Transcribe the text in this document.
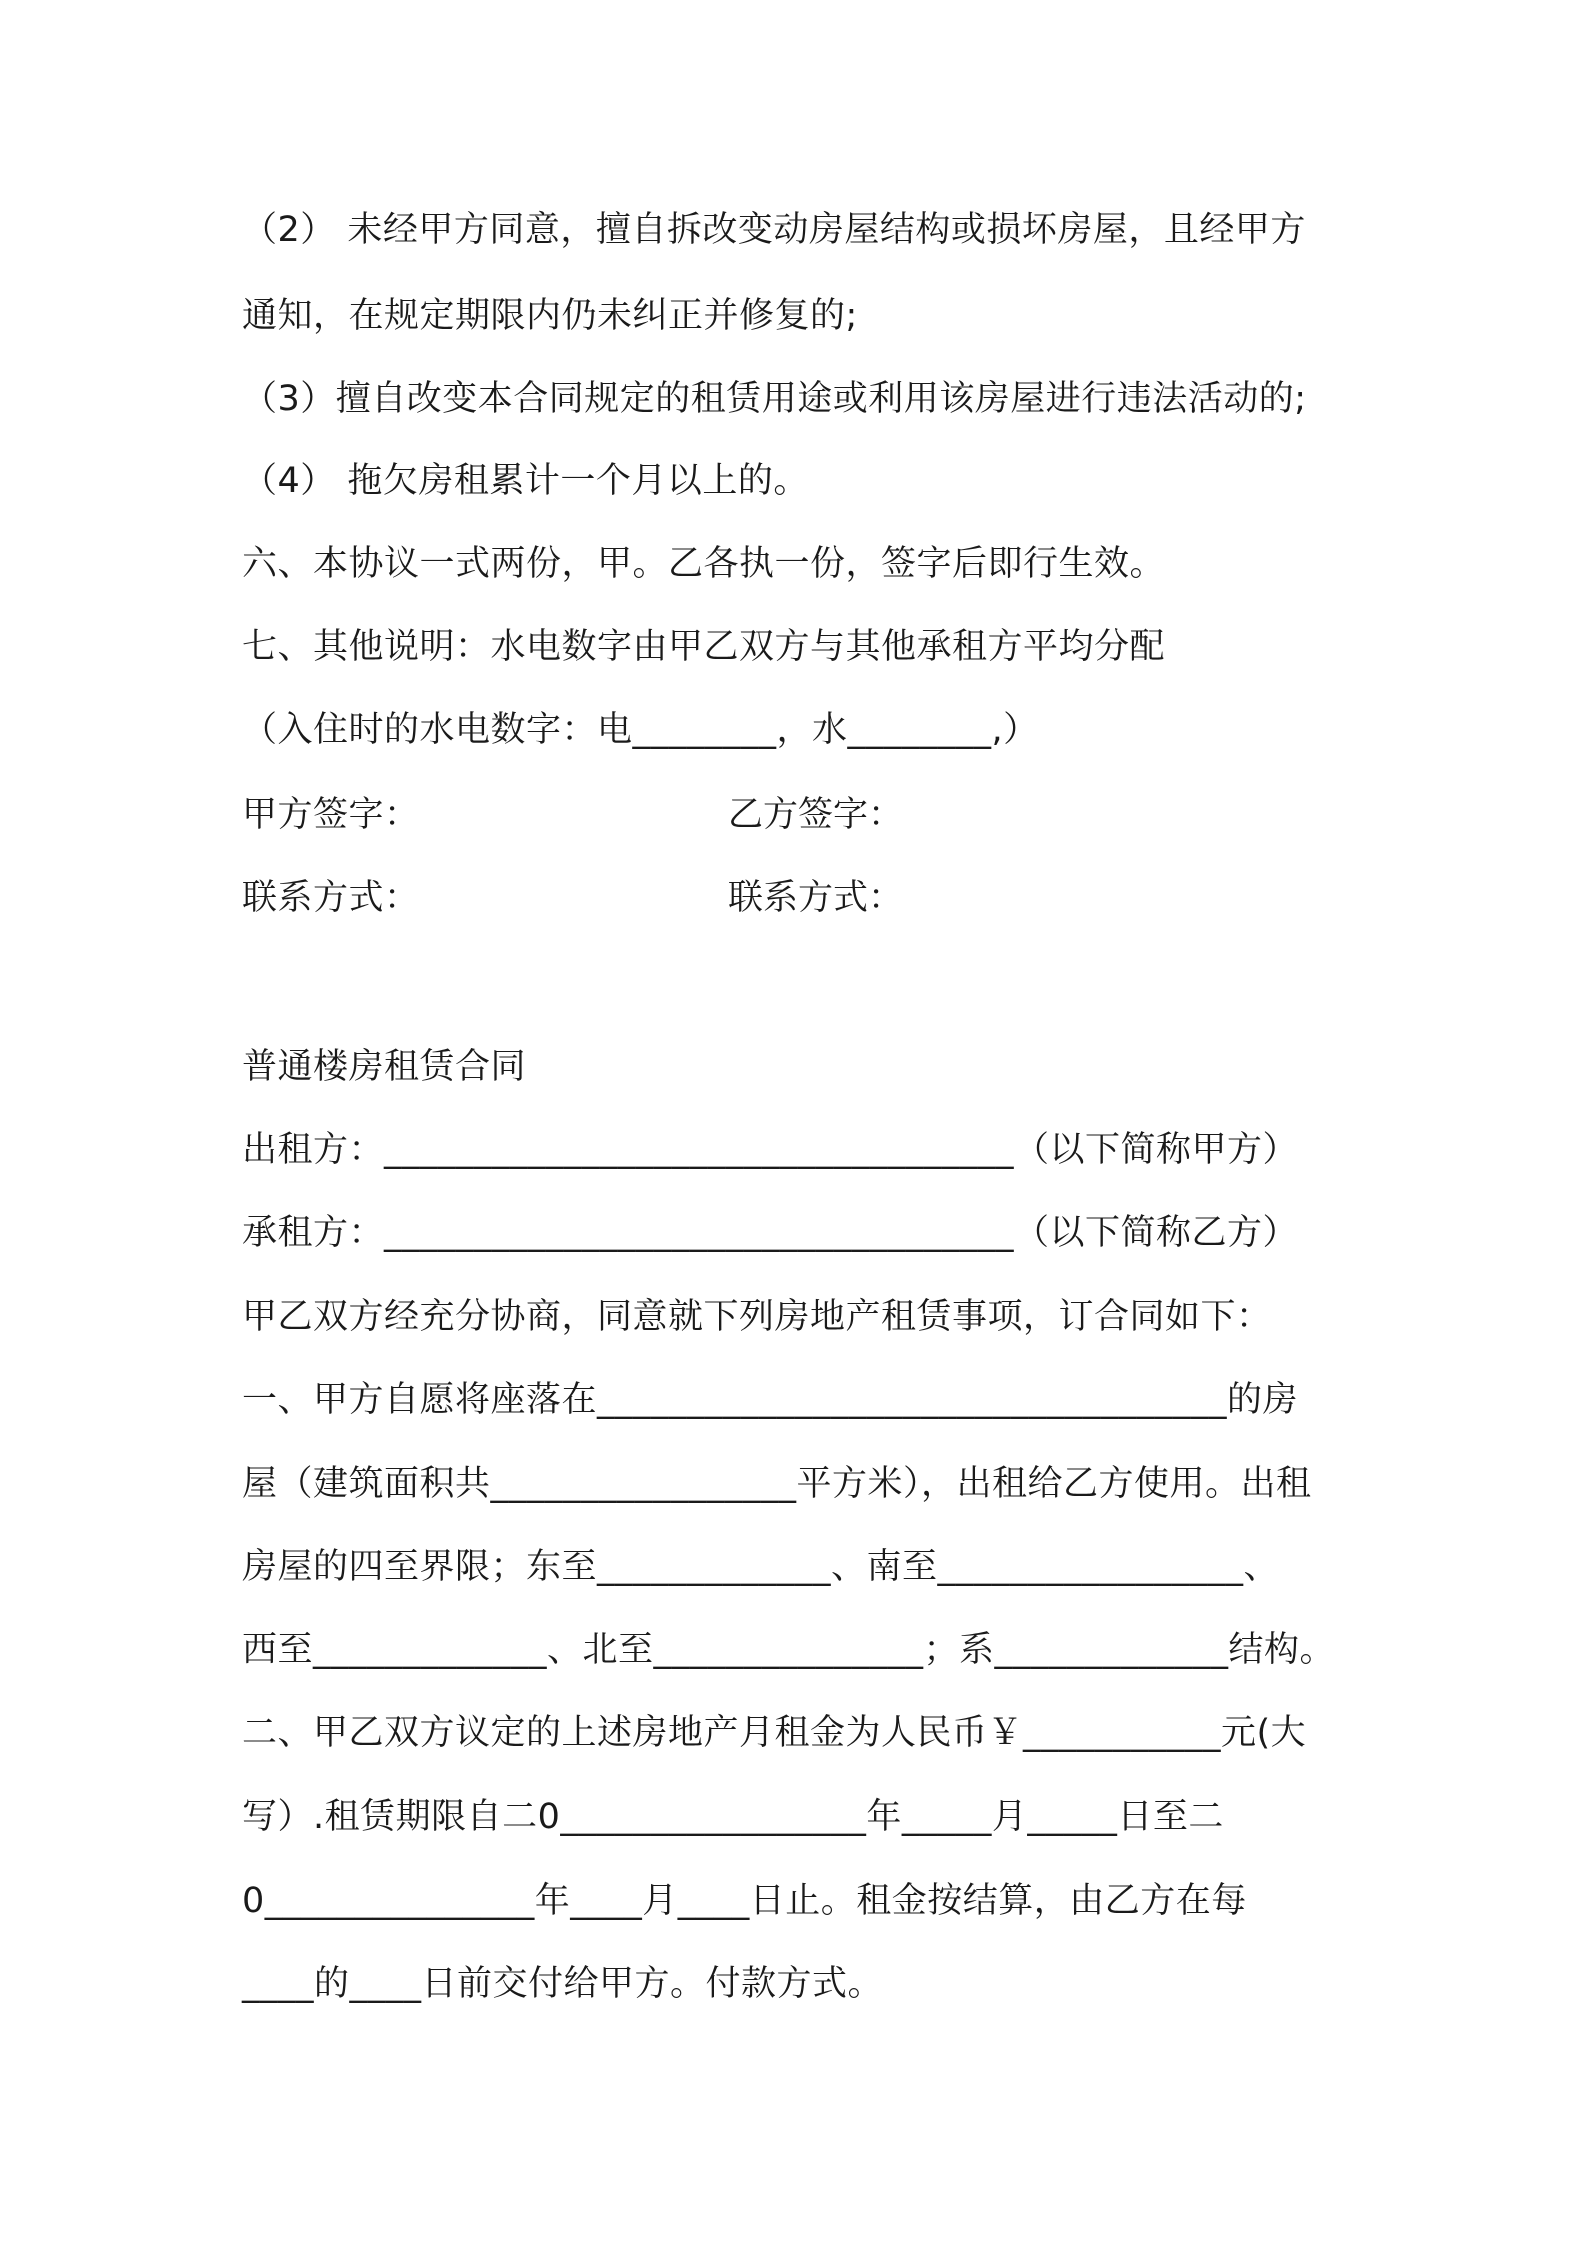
（2） 未经甲方同意，擅自拆改变动房屋结构或损坏房屋，且经甲方
通知，在规定期限内仍未纠正并修复的;
（3）擅自改变本合同规定的租赁用途或利用该房屋进行违法活动的;
（4） 拖欠房租累计一个月以上的。
六、本协议一式两份，甲。乙各执一份，签字后即行生效。
七、其他说明：水电数字由甲乙双方与其他承租方平均分配
（入住时的水电数字：电________，水________,）
甲方签字：	乙方签字：
联系方式：	联系方式：
普通楼房租赁合同
出租方：___________________________________（以下简称甲方）
承租方：___________________________________（以下简称乙方）
甲乙双方经充分协商，同意就下列房地产租赁事项，订合同如下：
一、甲方自愿将座落在___________________________________的房
屋（建筑面积共_________________平方米），出租给乙方使用。出租
房屋的四至界限；东至_____________、南至_________________、
西至_____________、北至_______________；系_____________结构。
二、甲乙双方议定的上述房地产月租金为人民币￥___________元(大
写）.租赁期限自二0_________________年_____月_____日至二
0_______________年____月____日止。租金按结算，由乙方在每
____的____日前交付给甲方。付款方式。
